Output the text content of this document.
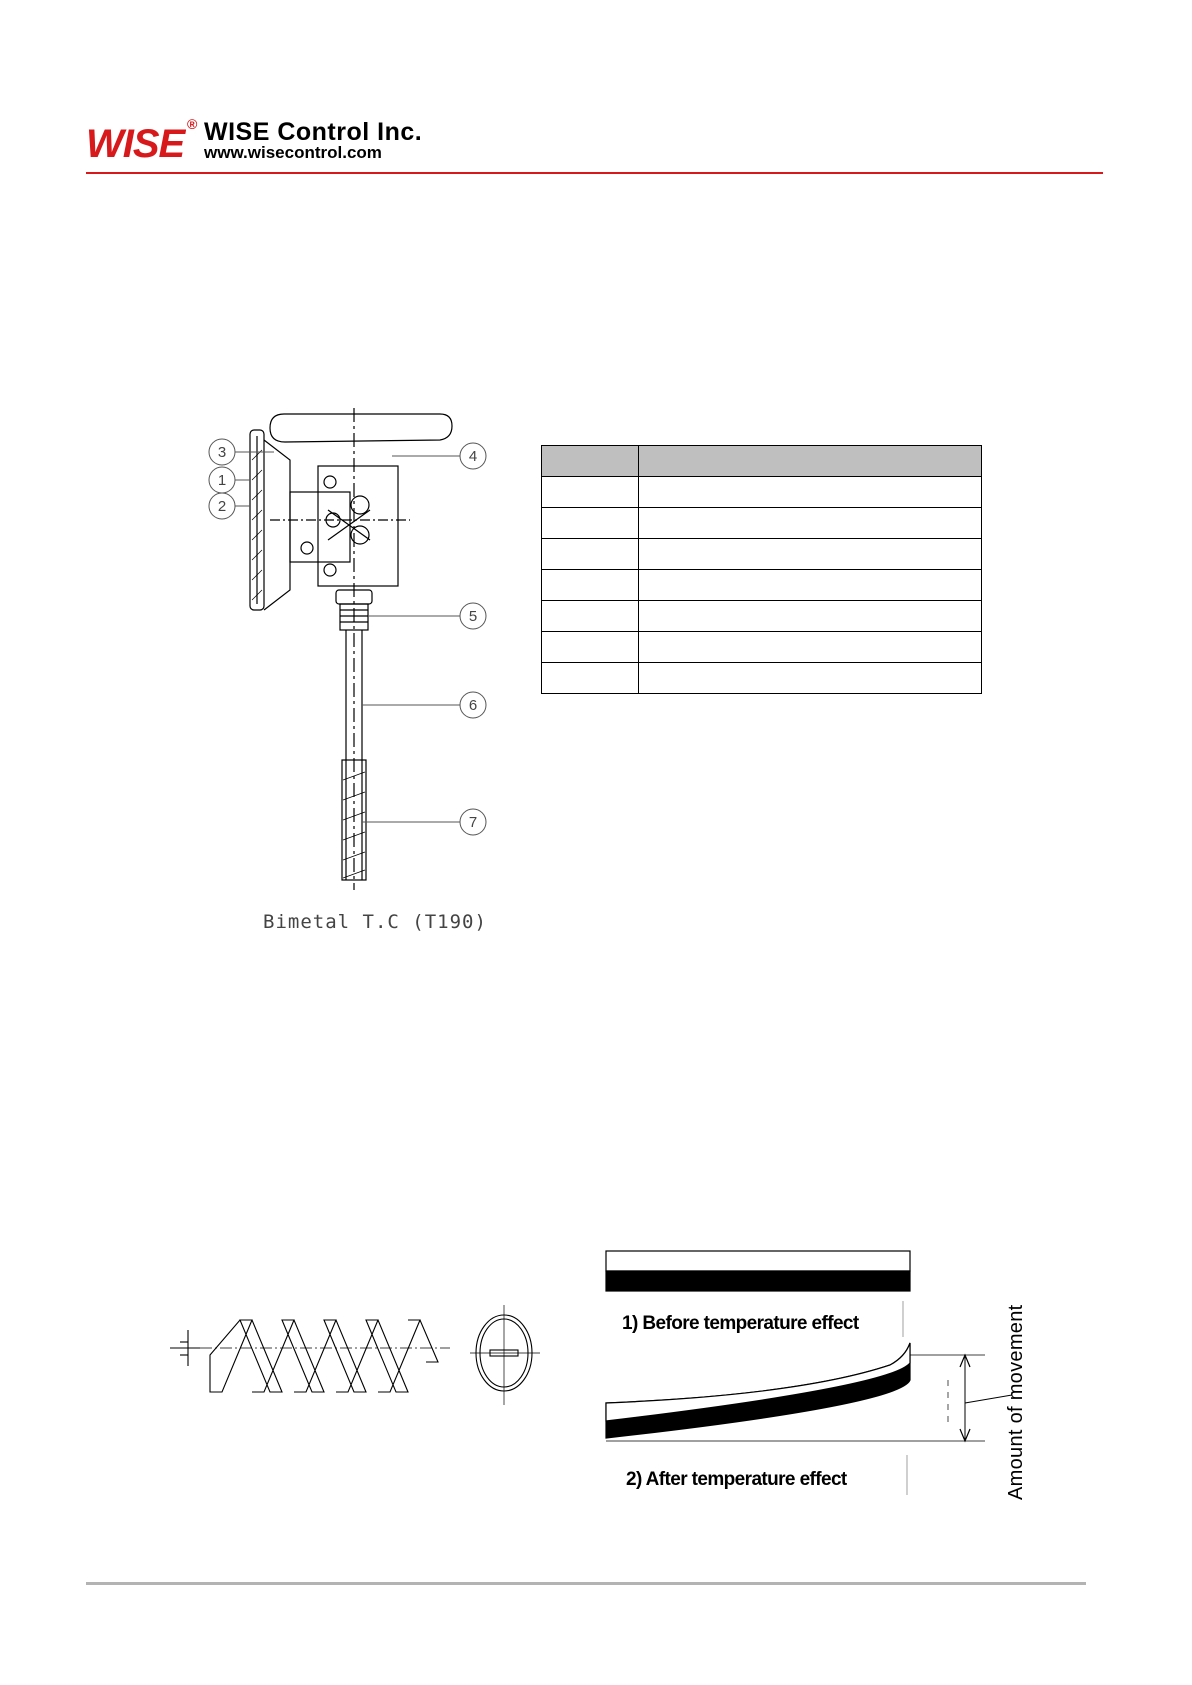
WISE ® WISE Control Inc.
www.wisecontrol.com
3
1
2
4
5
6
7
Bimetal T.C (T190)

1) Before temperature effect
2) After temperature effect	Amount of movement
